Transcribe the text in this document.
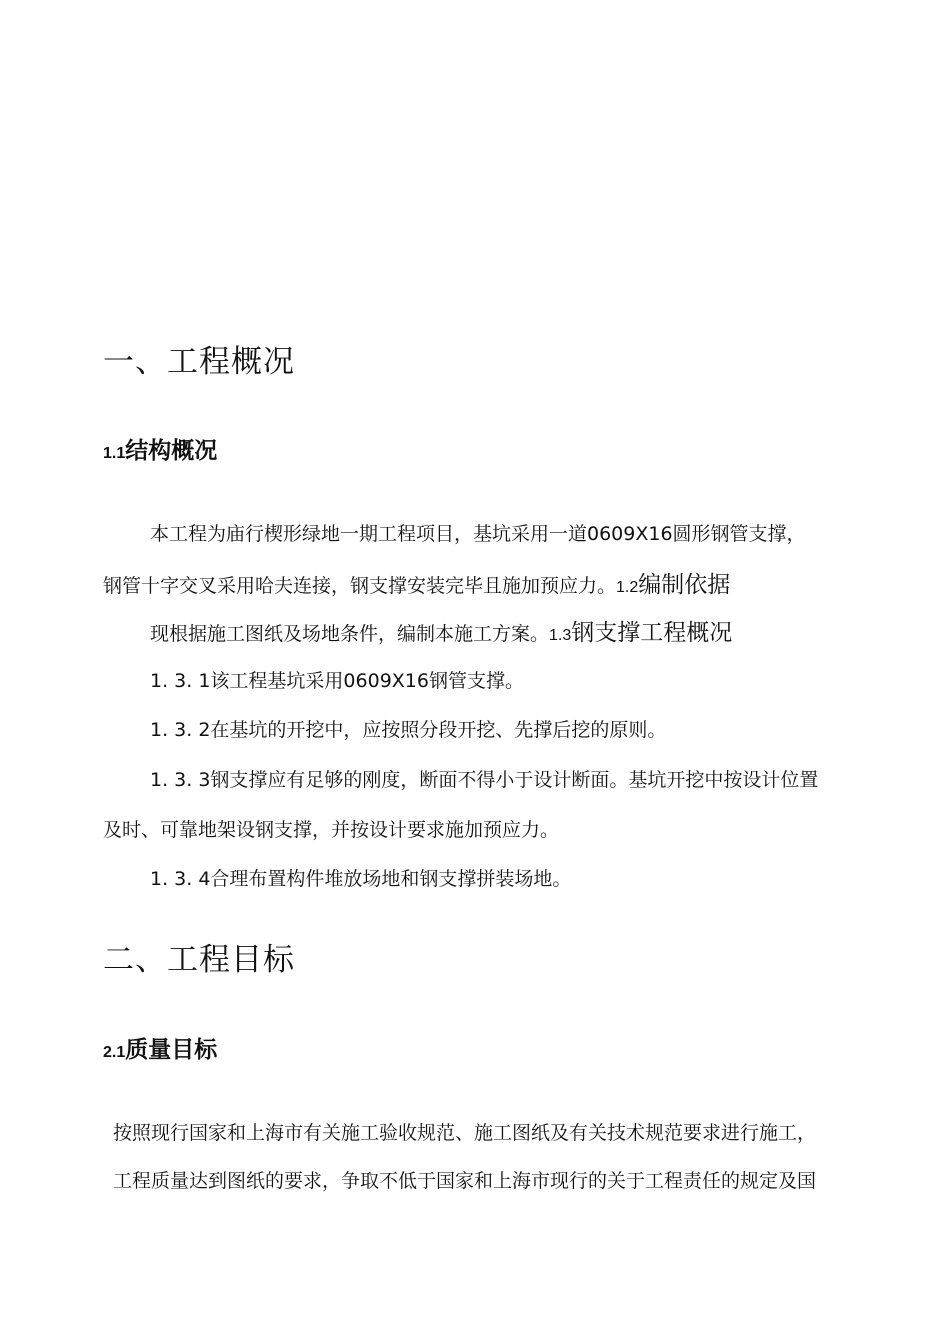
一、工程概况
1.1结构概况

本工程为庙行楔形绿地一期工程项目，基坑采用一道0609X16圆形钢管支撑，

钢管十字交叉采用哈夫连接，钢支撑安装完毕且施加预应力。1.2编制依据

现根据施工图纸及场地条件，编制本施工方案。1.3钢支撑工程概况

1. 3. 1该工程基坑采用0609X16钢管支撑。

1. 3. 2在基坑的开挖中，应按照分段开挖、先撑后挖的原则。

1. 3. 3钢支撑应有足够的刚度，断面不得小于设计断面。基坑开挖中按设计位置

及时、可靠地架设钢支撑，并按设计要求施加预应力。

1. 3. 4合理布置构件堆放场地和钢支撑拼装场地。

二、工程目标
2.1质量目标

按照现行国家和上海市有关施工验收规范、施工图纸及有关技术规范要求进行施工，

工程质量达到图纸的要求，争取不低于国家和上海市现行的关于工程责任的规定及国
